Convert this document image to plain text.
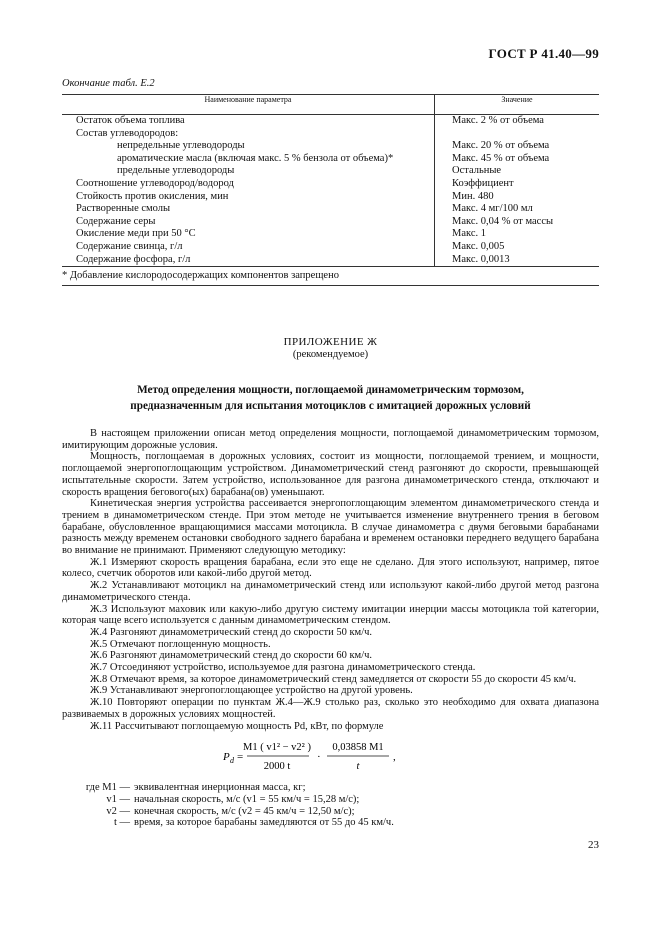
ГОСТ Р 41.40—99
Окончание табл. Е.2
Наименование параметра	Значение
Остаток объема топлива	Макс. 2 % от объема
Состав углеводородов:	
непредельные углеводороды	Макс. 20 % от объема
ароматические масла (включая макс. 5 % бензола от объема)*	Макс. 45 % от объема
предельные углеводороды	Остальные
Соотношение углеводород/водород	Коэффициент
Стойкость против окисления, мин	Мин. 480
Растворенные смолы	Макс. 4 мг/100 мл
Содержание серы	Макс. 0,04 % от массы
Окисление меди при 50 °С	Макс. 1
Содержание свинца, г/л	Макс. 0,005
Содержание фосфора, г/л	Макс. 0,0013
* Добавление кислородосодержащих компонентов запрещено	
ПРИЛОЖЕНИЕ Ж
(рекомендуемое)
Метод определения мощности, поглощаемой динамометрическим тормозом,
предназначенным для испытания мотоциклов с имитацией дорожных условий

В настоящем приложении описан метод определения мощности, поглощаемой динамометрическим тормозом, имитирующим дорожные условия.

Мощность, поглощаемая в дорожных условиях, состоит из мощности, поглощаемой трением, и мощности, поглощаемой энергопоглощающим устройством. Динамометрический стенд разгоняют до скорости, превышающей испытательные скорости. Затем устройство, использованное для разгона динамометрического стенда, отключают и скорость вращения бегового(ых) барабана(ов) уменьшают.

Кинетическая энергия устройства рассеивается энергопоглощающим элементом динамометрического стенда и трением в динамометрическом стенде. При этом методе не учитывается изменение внутреннего трения в беговом барабане, обусловленное вращающимися массами мотоцикла. В случае динамометра с двумя беговыми барабанами разность между временем остановки свободного заднего барабана и временем остановки переднего ведущего барабана во внимание не принимают. Применяют следующую методику:

Ж.1 Измеряют скорость вращения барабана, если это еще не сделано. Для этого используют, например, пятое колесо, счетчик оборотов или какой-либо другой метод.

Ж.2 Устанавливают мотоцикл на динамометрический стенд или используют какой-либо другой метод разгона динамометрического стенда.

Ж.3 Используют маховик или какую-либо другую систему имитации инерции массы мотоцикла той категории, которая чаще всего используется с данным динамометрическим стендом.

Ж.4 Разгоняют динамометрический стенд до скорости 50 км/ч.

Ж.5 Отмечают поглощенную мощность.

Ж.6 Разгоняют динамометрический стенд до скорости 60 км/ч.

Ж.7 Отсоединяют устройство, используемое для разгона динамометрического стенда.

Ж.8 Отмечают время, за которое динамометрический стенд замедляется от скорости 55 до скорости 45 км/ч.

Ж.9 Устанавливают энергопоглощающее устройство на другой уровень.

Ж.10 Повторяют операции по пунктам Ж.4—Ж.9 столько раз, сколько это необходимо для охвата диапазона развиваемых в дорожных условиях мощностей.

Ж.11 Рассчитывают поглощаемую мощность Pd, кВт, по формуле

P d =
M1 ( v1² − v2² )
2000 t
·
0,03858 M1
t
,
где M1 — эквивалентная инерционная масса, кг;
v1 — начальная скорость, м/с (v1 = 55 км/ч = 15,28 м/с);
v2 — конечная скорость, м/с (v2 = 45 км/ч = 12,50 м/с);
t — время, за которое барабаны замедляются от 55 до 45 км/ч.
23
